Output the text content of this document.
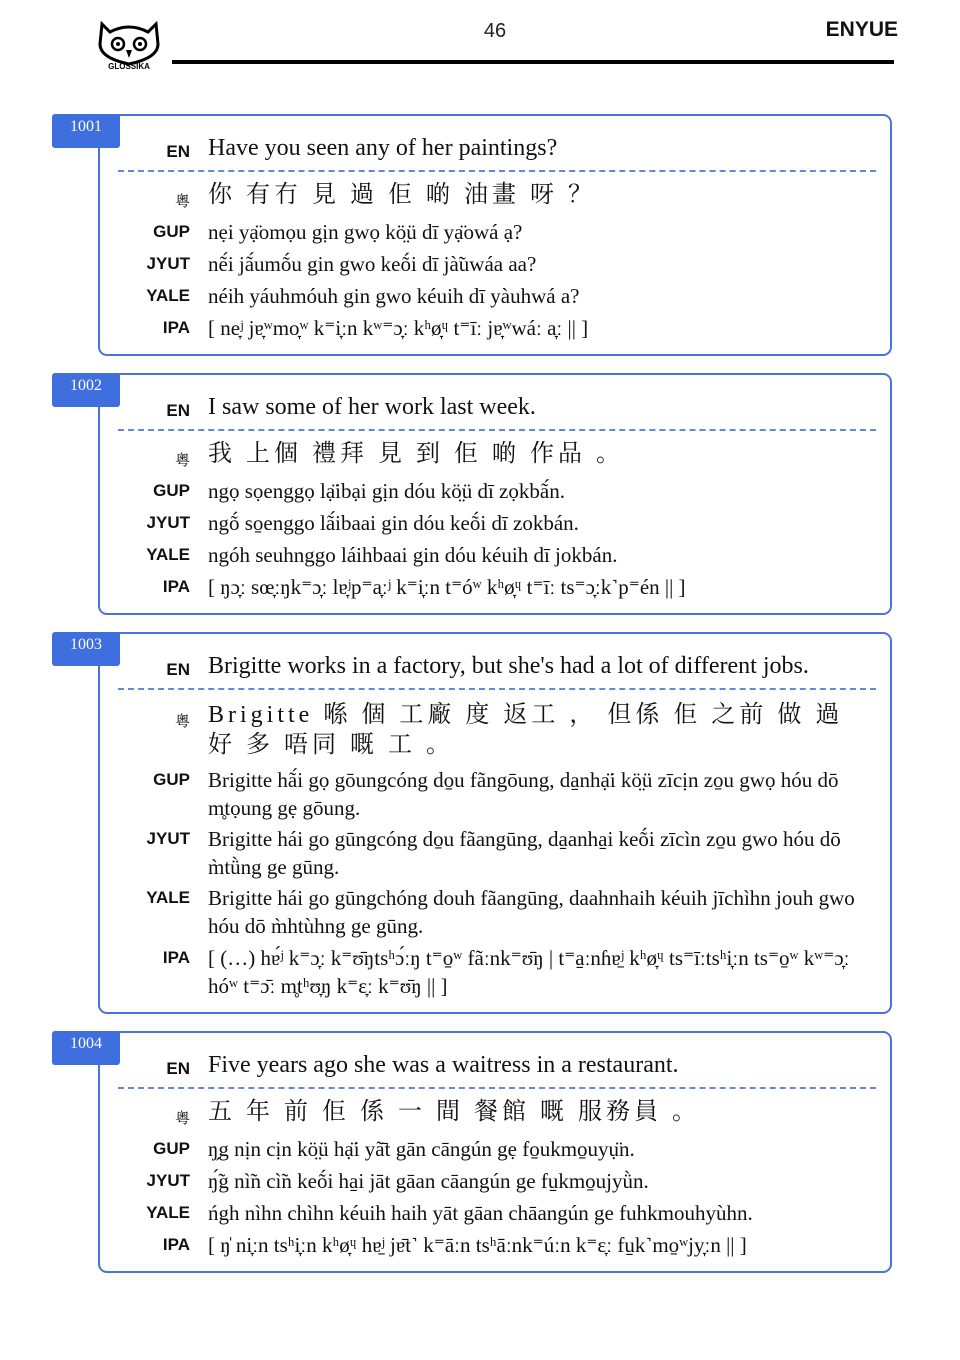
GLOSSIKA
46	ENYUE
1001
EN Have you seen any of her paintings?
粵 你 有冇 見 過 佢 啲 油畫 呀 ？
GUP nẹi yạ̈omọu gịn gwọ kö̤ü dī yạ̈owá ạ?
JYUT nẽ́i jã́umṍu gin gwo keṍi dī jà̃uwáa aa?
YALE néih yáuhmóuh gin gwo kéuih dī yàuhwá a?
IPA [ ne̞ʲ jɐ̞ʷmo̞ʷ k⁼i̞ːn kʷ⁼ɔ̞ː kʰø̞ᶣ t⁼īː jɐ̞ʷwáː a̞ː || ]
1002
EN I saw some of her work last week.
粵 我 上個 禮拜 見 到 佢 啲 作品 。
GUP ngọ sọenggọ lạ̈ibại gịn dóu kö̤ü dī zọkbã́n.
JYUT ngṍ so̱enggo lã́ibaai gin dóu keṍi dī zokbán.
YALE ngóh seuhnggo láihbaai gin dóu kéuih dī jokbán.
IPA [ ŋɔ̞ː sœ̞ːŋk⁼ɔ̞ː lɐ̞ʲp⁼a̞ːʲ k⁼i̞ːn t⁼óʷ kʰø̞ᶣ t⁼īː ts⁼ɔ̞ːk˺p⁼én || ]
1003
EN Brigitte works in a factory, but she's had a lot of different jobs.
粵 Brigitte 喺 個 工廠 度 返工 ， 但係 佢 之前 做 過 好 多 唔同 嘅 工 。
GUP Brigitte hã́i gọ gōungcóng do̱u fãngōung, da̱nhạ̈i kö̤ü zīcịn zo̱u gwọ hóu dō m̥tọung gẹ gōung.
JYUT Brigitte hái go gūngcóng do̱u fãangūng, da̱anha̱i keṍi zīcìn zo̱u gwo hóu dō m̀tǜng ge gūng.
YALE Brigitte hái go gūngchóng douh fãangūng, daahnhaih kéuih jīchìhn jouh gwo hóu dō m̀htùhng ge gūng.
IPA [ (…) hɐ́ʲ k⁼ɔ̞ː k⁼ʊ̄ŋtsʰɔ́ːŋ t⁼o̱ʷ fãːnk⁼ʊ̄ŋ | t⁼a̱ːnɦɐ̱ʲ kʰø̞ᶣ ts⁼īːtsʰi̞ːn ts⁼o̱ʷ kʷ⁼ɔ̞ː hóʷ t⁼ɔ̄ː m̥tʰʊ̞ŋ k⁼ɛ̞ː k⁼ʊ̄ŋ || ]
1004
EN Five years ago she was a waitress in a restaurant.
粵 五 年 前 佢 係 一 間 餐館 嘅 服務員 。
GUP ŋ̗g nịn cịn kö̤ü hạ̈i yã̄t gān cāngún gẹ fo̱ukmo̱uyụ̈n.
JYUT ŋ̃́g nì̃n cì̃n keṍi ha̱i jāt gāan cāangún ge fu̱kmo̱ujyǜn.
YALE ńgh nìhn chìhn kéuih haih yāt gāan chāangún ge fuhkmouhyùhn.
IPA [ ŋ̍ ni̞ːn tsʰi̞ːn kʰø̞ᶣ hɐ̱ʲ jɐ̄t˺ k⁼āːn tsʰāːnk⁼úːn k⁼ɛ̞ː fu̱k˺mo̱ʷjy̞ːn || ]
